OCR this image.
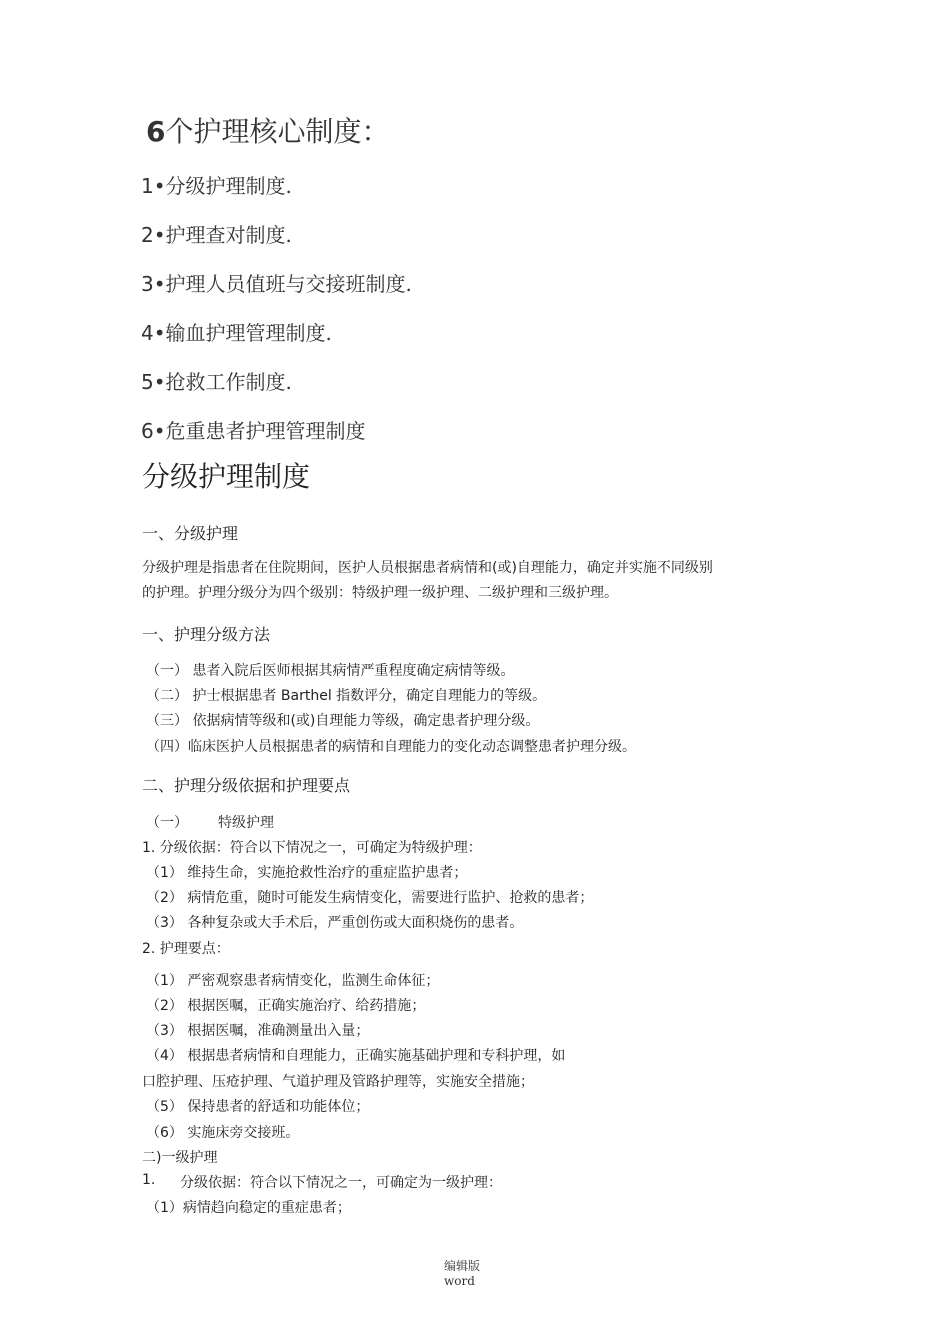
6个护理核心制度：
1•分级护理制度.
2•护理查对制度.
3•护理人员值班与交接班制度.
4•输血护理管理制度.
5•抢救工作制度.
6•危重患者护理管理制度
分级护理制度
一、分级护理
分级护理是指患者在住院期间，医护人员根据患者病情和(或)自理能力，确定并实施不同级别
的护理。护理分级分为四个级别：特级护理一级护理、二级护理和三级护理。
一、护理分级方法
（一） 患者入院后医师根据其病情严重程度确定病情等级。
（二） 护士根据患者 Barthel 指数评分，确定自理能力的等级。
（三） 依据病情等级和(或)自理能力等级，确定患者护理分级。
（四）临床医护人员根据患者的病情和自理能力的变化动态调整患者护理分级。
二、护理分级依据和护理要点
（一） 特级护理
1. 分级依据：符合以下情况之一，可确定为特级护理：
（1） 维持生命，实施抢救性治疗的重症监护患者；
（2） 病情危重，随时可能发生病情变化，需要进行监护、抢救的患者；
（3） 各种复杂或大手术后，严重创伤或大面积烧伤的患者。
2. 护理要点：
（1） 严密观察患者病情变化，监测生命体征；
（2） 根据医嘱，正确实施治疗、给药措施；
（3） 根据医嘱，准确测量出入量；
（4） 根据患者病情和自理能力，正确实施基础护理和专科护理，如
口腔护理、压疮护理、气道护理及管路护理等，实施安全措施；
（5） 保持患者的舒适和功能体位；
（6） 实施床旁交接班。
二)一级护理
1. 分级依据：符合以下情况之一，可确定为一级护理：
（1）病情趋向稳定的重症患者；
编辑版
word
